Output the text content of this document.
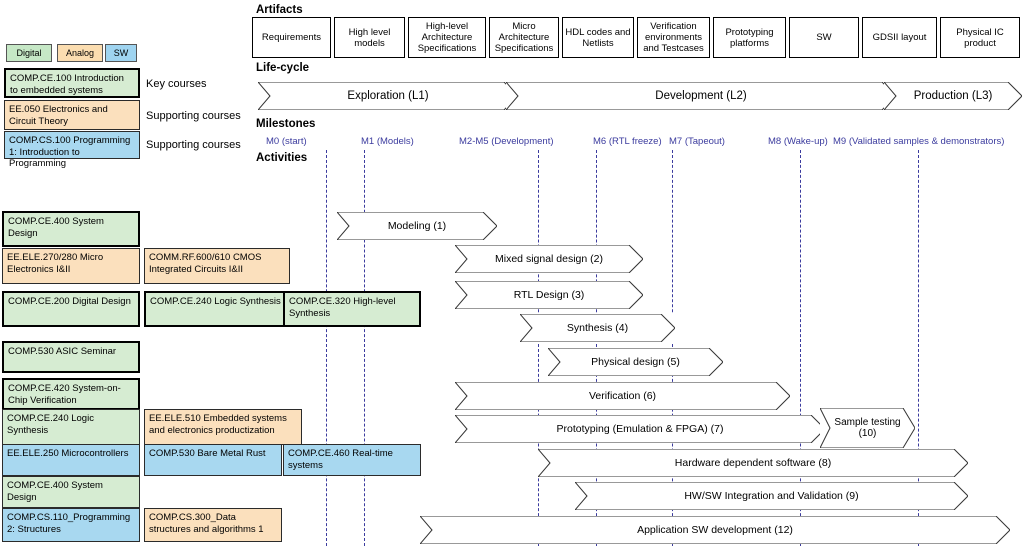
Digital	Analog	SW
COMP.CE.100 Introduction to embedded systems	Key courses
EE.050 Electronics and Circuit Theory	Supporting courses
COMP.CS.100 Programming 1: Introduction to Programming
Supporting courses
Artifacts
Life-cycle
Milestones
Activities
Requirements	High level models
High-level Architecture Specifications
Micro Architecture Specifications
HDL codes and Netlists
Verification environments and Testcases
Prototyping platforms	SW	GDSII layout	Physical IC product
Exploration (L1)	Development (L2)	Production (L3)
M0 (start)	M1 (Models)	M2-M5 (Development)	M6 (RTL freeze) M7 (Tapeout)	M8 (Wake-up) M9 (Validated samples & demonstrators)
Modeling (1)
Mixed signal design (2)
RTL Design (3)
Synthesis (4)
Physical design (5)
Verification (6)
Prototyping (Emulation & FPGA) (7)
Sample testing (10)
Hardware dependent software (8)
HW/SW Integration and Validation (9)
Application SW development (12)
COMP.CE.400 System Design
EE.ELE.270/280 Micro Electronics I&II
COMM.RF.600/610 CMOS Integrated Circuits I&II
COMP.CE.200 Digital Design	COMP.CE.240 Logic Synthesis COMP.CE.320 High-level Synthesis
COMP.530 ASIC Seminar
COMP.CE.420 System-on-Chip Verification
COMP.CE.240 Logic Synthesis
EE.ELE.510 Embedded systems and electronics productization
EE.ELE.250 Microcontrollers	COMP.530 Bare Metal Rust	COMP.CE.460 Real-time systems
COMP.CE.400 System Design
COMP.CS.110_Programming 2: Structures
COMP.CS.300_Data structures and algorithms 1
